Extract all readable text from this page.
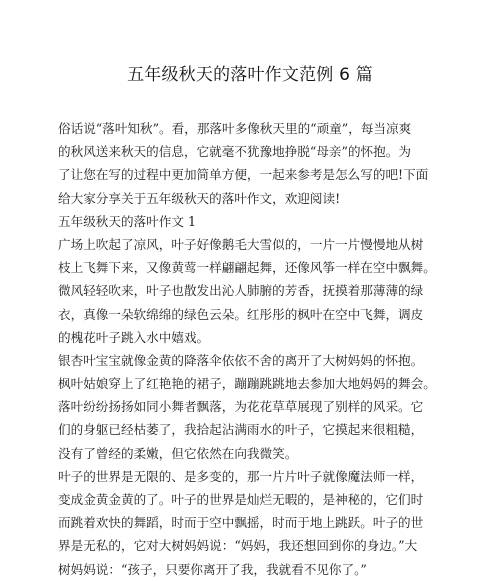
五年级秋天的落叶作文范例 6 篇
俗话说“落叶知秋”。看，那落叶多像秋天里的“顽童”，每当凉爽
的秋风送来秋天的信息，它就毫不犹豫地挣脱“母亲”的怀抱。为
了让您在写的过程中更加简单方便，一起来参考是怎么写的吧!下面
给大家分享关于五年级秋天的落叶作文，欢迎阅读!
五年级秋天的落叶作文 1
广场上吹起了凉风，叶子好像鹅毛大雪似的，一片一片慢慢地从树
枝上飞舞下来，又像黄莺一样翩翩起舞，还像风筝一样在空中飘舞。
微风轻轻吹来，叶子也散发出沁人肺腑的芳香，抚摸着那薄薄的绿
衣，真像一朵软绵绵的绿色云朵。红彤彤的枫叶在空中飞舞，调皮
的槐花叶子跳入水中嬉戏。
银杏叶宝宝就像金黄的降落伞依依不舍的离开了大树妈妈的怀抱。
枫叶姑娘穿上了红艳艳的裙子，蹦蹦跳跳地去参加大地妈妈的舞会。
落叶纷纷扬扬如同小舞者飘落，为花花草草展现了别样的风采。它
们的身躯已经枯萎了，我拾起沾满雨水的叶子，它摸起来很粗糙，
没有了曾经的柔嫩，但它依然在向我微笑。
叶子的世界是无限的、是多变的，那一片片叶子就像魔法师一样，
变成金黄金黄的了。叶子的世界是灿烂无暇的，是神秘的，它们时
而跳着欢快的舞蹈，时而于空中飘摇，时而于地上跳跃。叶子的世
界是无私的，它对大树妈妈说：“妈妈，我还想回到你的身边。”大
树妈妈说：“孩子，只要你离开了我，我就看不见你了。”
